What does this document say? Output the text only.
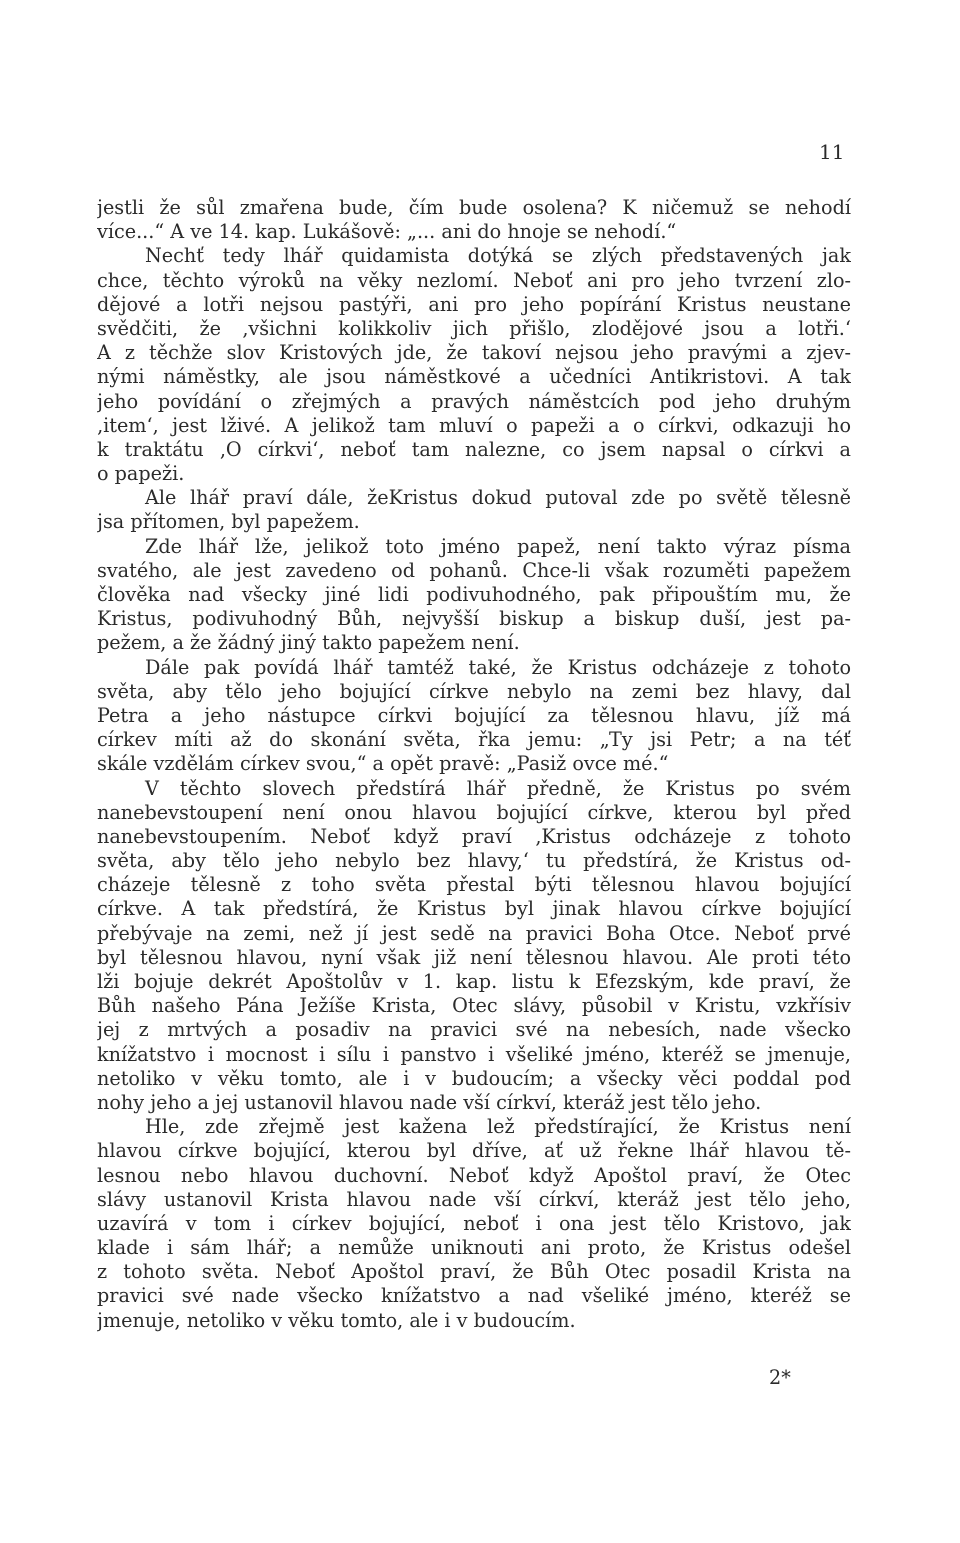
11
jestli že sůl zmařena bude, čím bude osolena? K ničemuž se nehodí
více...“ A ve 14. kap. Lukášově: „... ani do hnoje se nehodí.“
Nechť tedy lhář quidamista dotýká se zlých představených jak
chce, těchto výroků na věky nezlomí. Neboť ani pro jeho tvrzení zlo-
dějové a lotři nejsou pastýři, ani pro jeho popírání Kristus neustane
svědčiti, že ‚všichni kolikkoliv jich přišlo, zlodějové jsou a lotři.‘
A z těchže slov Kristových jde, že takoví nejsou jeho pravými a zjev-
nými náměstky, ale jsou náměstkové a učedníci Antikristovi. A tak
jeho povídání o zřejmých a pravých náměstcích pod jeho druhým
‚item‘, jest lživé. A jelikož tam mluví o papeži a o církvi, odkazuji ho
k traktátu ‚O církvi‘, neboť tam nalezne, co jsem napsal o církvi a
o papeži.
Ale lhář praví dále, žeKristus dokud putoval zde po světě tělesně
jsa přítomen, byl papežem.
Zde lhář lže, jelikož toto jméno papež, není takto výraz písma
svatého, ale jest zavedeno od pohanů. Chce-li však rozuměti papežem
člověka nad všecky jiné lidi podivuhodného, pak připouštím mu, že
Kristus, podivuhodný Bůh, nejvyšší biskup a biskup duší, jest pa-
pežem, a že žádný jiný takto papežem není.
Dále pak povídá lhář tamtéž také, že Kristus odcházeje z tohoto
světa, aby tělo jeho bojující církve nebylo na zemi bez hlavy, dal
Petra a jeho nástupce církvi bojující za tělesnou hlavu, jíž má
církev míti až do skonání světa, řka jemu: „Ty jsi Petr; a na téť
skále vzdělám církev svou,“ a opět pravě: „Pasiž ovce mé.“
V těchto slovech předstírá lhář předně, že Kristus po svém
nanebevstoupení není onou hlavou bojující církve, kterou byl před
nanebevstoupením. Neboť když praví ‚Kristus odcházeje z tohoto
světa, aby tělo jeho nebylo bez hlavy,‘ tu předstírá, že Kristus od-
cházeje tělesně z toho světa přestal býti tělesnou hlavou bojující
církve. A tak předstírá, že Kristus byl jinak hlavou církve bojující
přebývaje na zemi, než jí jest sedě na pravici Boha Otce. Neboť prvé
byl tělesnou hlavou, nyní však již není tělesnou hlavou. Ale proti této
lži bojuje dekrét Apoštolův v 1. kap. listu k Efezským, kde praví, že
Bůh našeho Pána Ježíše Krista, Otec slávy, působil v Kristu, vzkřísiv
jej z mrtvých a posadiv na pravici své na nebesích, nade všecko
knížatstvo i mocnost i sílu i panstvo i všeliké jméno, kteréž se jmenuje,
netoliko v věku tomto, ale i v budoucím; a všecky věci poddal pod
nohy jeho a jej ustanovil hlavou nade vší církví, kteráž jest tělo jeho.
Hle, zde zřejmě jest kažena lež předstírající, že Kristus není
hlavou církve bojující, kterou byl dříve, ať už řekne lhář hlavou tě-
lesnou nebo hlavou duchovní. Neboť když Apoštol praví, že Otec
slávy ustanovil Krista hlavou nade vší církví, kteráž jest tělo jeho,
uzavírá v tom i církev bojující, neboť i ona jest tělo Kristovo, jak
klade i sám lhář; a nemůže uniknouti ani proto, že Kristus odešel
z tohoto světa. Neboť Apoštol praví, že Bůh Otec posadil Krista na
pravici své nade všecko knížatstvo a nad všeliké jméno, kteréž se
jmenuje, netoliko v věku tomto, ale i v budoucím.
2*
